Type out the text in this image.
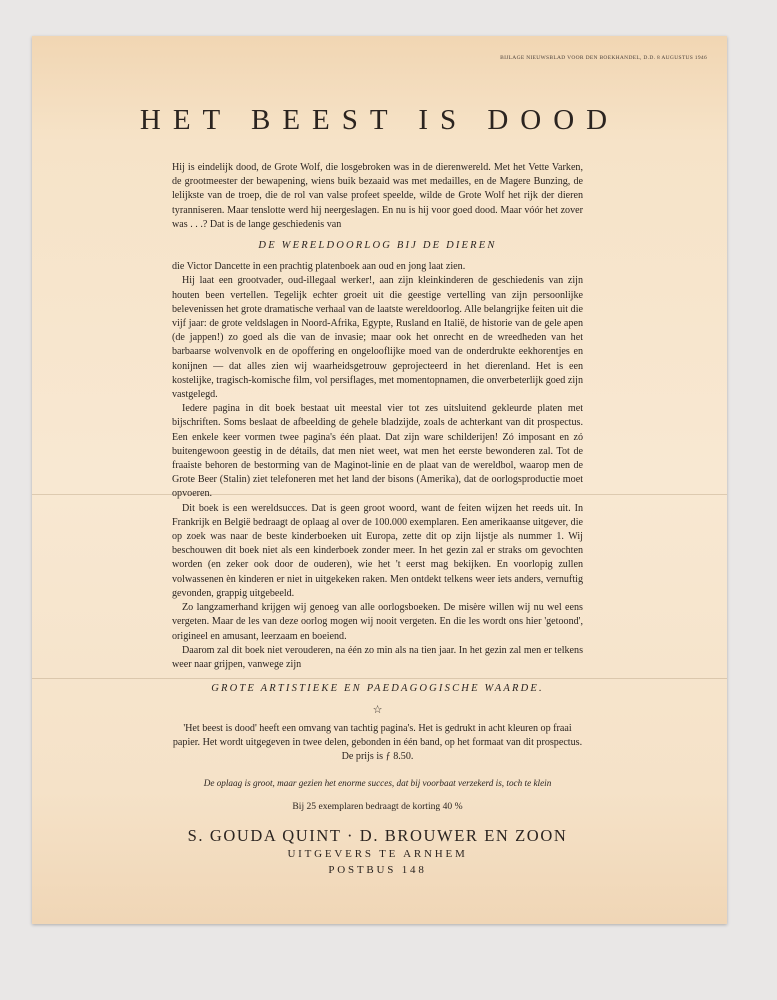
BIJLAGE NIEUWSBLAD VOOR DEN BOEKHANDEL, D.D. 8 AUGUSTUS 1946
HET BEEST IS DOOD

Hij is eindelijk dood, de Grote Wolf, die losgebroken was in de dierenwereld. Met het Vette Varken, de grootmeester der bewapening, wiens buik bezaaid was met medailles, en de Magere Bunzing, de lelijkste van de troep, die de rol van valse profeet speelde, wilde de Grote Wolf het rijk der dieren tyranniseren. Maar tenslotte werd hij neergeslagen. En nu is hij voor goed dood. Maar vóór het zover was . . .? Dat is de lange geschiedenis van

DE WERELDOORLOG BIJ DE DIEREN

die Victor Dancette in een prachtig platenboek aan oud en jong laat zien.

Hij laat een grootvader, oud-illegaal werker!, aan zijn kleinkinderen de geschiedenis van zijn houten been vertellen. Tegelijk echter groeit uit die geestige vertelling van zijn persoonlijke belevenissen het grote dramatische verhaal van de laatste wereldoorlog. Alle belangrijke feiten uit die vijf jaar: de grote veldslagen in Noord-Afrika, Egypte, Rusland en Italië, de historie van de gele apen (de jappen!) zo goed als die van de invasie; maar ook het onrecht en de wreedheden van het barbaarse wolvenvolk en de opoffering en ongelooflijke moed van de onderdrukte eekhorentjes en konijnen — dat alles zien wij waarheidsgetrouw geprojecteerd in het dierenland. Het is een kostelijke, tragisch-komische film, vol persiflages, met momentopnamen, die onverbeterlijk goed zijn vastgelegd.

Iedere pagina in dit boek bestaat uit meestal vier tot zes uitsluitend gekleurde platen met bijschriften. Soms beslaat de afbeelding de gehele bladzijde, zoals de achterkant van dit prospectus. Een enkele keer vormen twee pagina's één plaat. Dat zijn ware schilderijen! Zó imposant en zó buitengewoon geestig in de détails, dat men niet weet, wat men het eerste bewonderen zal. Tot de fraaiste behoren de bestorming van de Maginot-linie en de plaat van de wereldbol, waarop men de Grote Beer (Stalin) ziet telefoneren met het land der bisons (Amerika), dat de oorlogsproductie moet opvoeren.

Dit boek is een wereldsucces. Dat is geen groot woord, want de feiten wijzen het reeds uit. In Frankrijk en België bedraagt de oplaag al over de 100.000 exemplaren. Een amerikaanse uitgever, die op zoek was naar de beste kinderboeken uit Europa, zette dit op zijn lijstje als nummer 1. Wij beschouwen dit boek niet als een kinderboek zonder meer. In het gezin zal er straks om gevochten worden (en zeker ook door de ouderen), wie het 't eerst mag bekijken. En voorlopig zullen volwassenen èn kinderen er niet in uitgekeken raken. Men ontdekt telkens weer iets anders, vernuftig gevonden, grappig uitgebeeld.

Zo langzamerhand krijgen wij genoeg van alle oorlogsboeken. De misère willen wij nu wel eens vergeten. Maar de les van deze oorlog mogen wij nooit vergeten. En die les wordt ons hier 'getoond', origineel en amusant, leerzaam en boeiend.

Daarom zal dit boek niet verouderen, na één zo min als na tien jaar. In het gezin zal men er telkens weer naar grijpen, vanwege zijn

GROTE ARTISTIEKE EN PAEDAGOGISCHE WAARDE.
☆

'Het beest is dood' heeft een omvang van tachtig pagina's. Het is gedrukt in acht kleuren op fraai papier. Het wordt uitgegeven in twee delen, gebonden in één band, op het formaat van dit prospectus. De prijs is ƒ 8.50.

De oplaag is groot, maar gezien het enorme succes, dat bij voorbaat verzekerd is, toch te klein
Bij 25 exemplaren bedraagt de korting 40 %
S. GOUDA QUINT · D. BROUWER EN ZOON
UITGEVERS TE ARNHEM
POSTBUS 148
